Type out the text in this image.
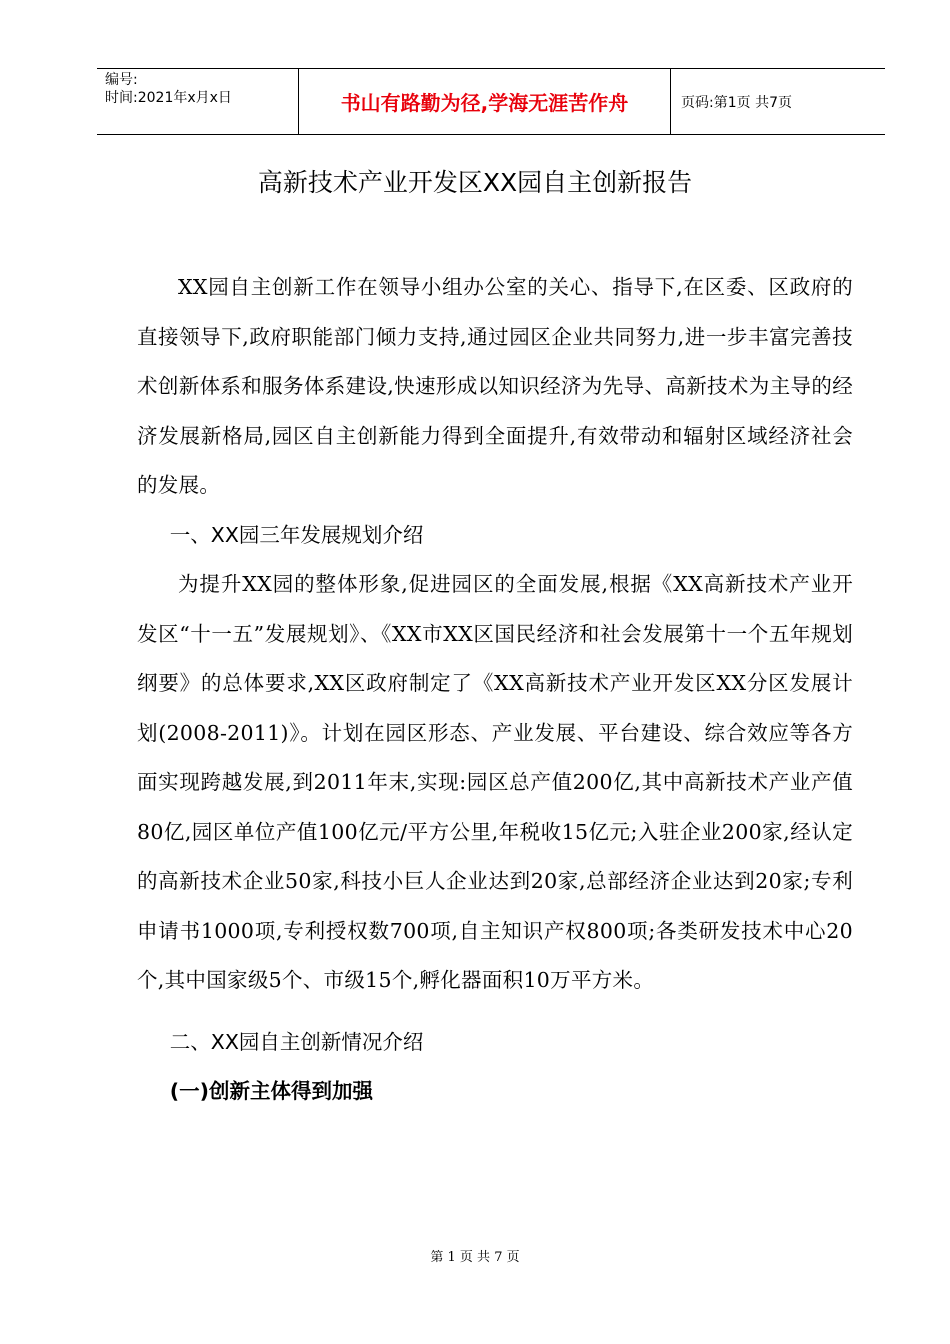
编号:
时间:2021年x月x日	书山有路勤为径,学海无涯苦作舟	页码:第1页 共7页
高新技术产业开发区XX园自主创新报告

XX园自主创新工作在领导小组办公室的关心、指导下,在区委、区政府的直接领导下,政府职能部门倾力支持,通过园区企业共同努力,进一步丰富完善技术创新体系和服务体系建设,快速形成以知识经济为先导、高新技术为主导的经济发展新格局,园区自主创新能力得到全面提升,有效带动和辐射区域经济社会的发展。

一、XX园三年发展规划介绍

为提升XX园的整体形象,促进园区的全面发展,根据《XX高新技术产业开发区“十一五”发展规划》、《XX市XX区国民经济和社会发展第十一个五年规划纲要》的总体要求,XX区政府制定了《XX高新技术产业开发区XX分区发展计划(2008-2011)》。计划在园区形态、产业发展、平台建设、综合效应等各方面实现跨越发展,到2011年末,实现:园区总产值200亿,其中高新技术产业产值80亿,园区单位产值100亿元/平方公里,年税收15亿元;入驻企业200家,经认定的高新技术企业50家,科技小巨人企业达到20家,总部经济企业达到20家;专利申请书1000项,专利授权数700项,自主知识产权800项;各类研发技术中心20个,其中国家级5个、市级15个,孵化器面积10万平方米。

二、XX园自主创新情况介绍

(一)创新主体得到加强

第 1 页 共 7 页
